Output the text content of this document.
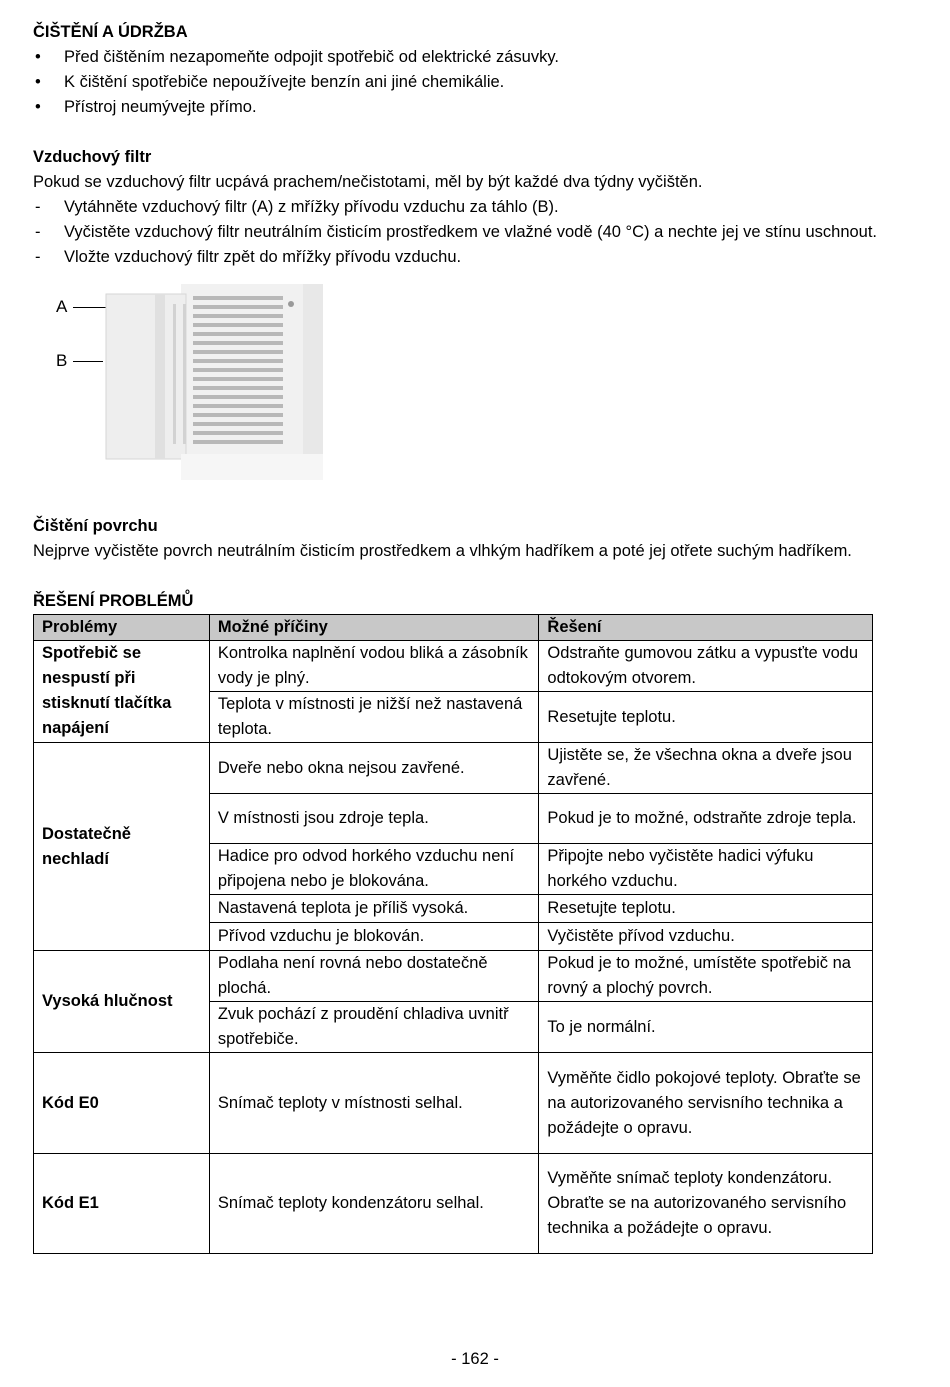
ČIŠTĚNÍ A ÚDRŽBA
• Před čištěním nezapomeňte odpojit spotřebič od elektrické zásuvky.
• K čištění spotřebiče nepoužívejte benzín ani jiné chemikálie.
• Přístroj neumývejte přímo.
Vzduchový filtr
Pokud se vzduchový filtr ucpává prachem/nečistotami, měl by být každé dva týdny vyčištěn.
- Vytáhněte vzduchový filtr (A) z mřížky přívodu vzduchu za táhlo (B).
- Vyčistěte vzduchový filtr neutrálním čisticím prostředkem ve vlažné vodě (40 °C) a nechte jej ve stínu uschnout.
- Vložte vzduchový filtr zpět do mřížky přívodu vzduchu.
A
B
Čištění povrchu
Nejprve vyčistěte povrch neutrálním čisticím prostředkem a vlhkým hadříkem a poté jej otřete suchým hadříkem.
ŘEŠENÍ PROBLÉMŮ
Problémy	Možné příčiny	Řešení
Spotřebič se nespustí při stisknutí tlačítka napájení	Kontrolka naplnění vodou bliká a zásobník vody je plný.	Odstraňte gumovou zátku a vypusťte vodu odtokovým otvorem.
	Teplota v místnosti je nižší než nastavená teplota.	Resetujte teplotu.
Dostatečně nechladí	Dveře nebo okna nejsou zavřené.	Ujistěte se, že všechna okna a dveře jsou zavřené.
	V místnosti jsou zdroje tepla.	Pokud je to možné, odstraňte zdroje tepla.
	Hadice pro odvod horkého vzduchu není připojena nebo je blokována.	Připojte nebo vyčistěte hadici výfuku horkého vzduchu.
	Nastavená teplota je příliš vysoká.	Resetujte teplotu.
	Přívod vzduchu je blokován.	Vyčistěte přívod vzduchu.
Vysoká hlučnost	Podlaha není rovná nebo dostatečně plochá.	Pokud je to možné, umístěte spotřebič na rovný a plochý povrch.
	Zvuk pochází z proudění chladiva uvnitř spotřebiče.	To je normální.
Kód E0	Snímač teploty v místnosti selhal.	Vyměňte čidlo pokojové teploty. Obraťte se na autorizovaného servisního technika a požádejte o opravu.
Kód E1	Snímač teploty kondenzátoru selhal.	Vyměňte snímač teploty kondenzátoru. Obraťte se na autorizovaného servisního technika a požádejte o opravu.
- 162 -
